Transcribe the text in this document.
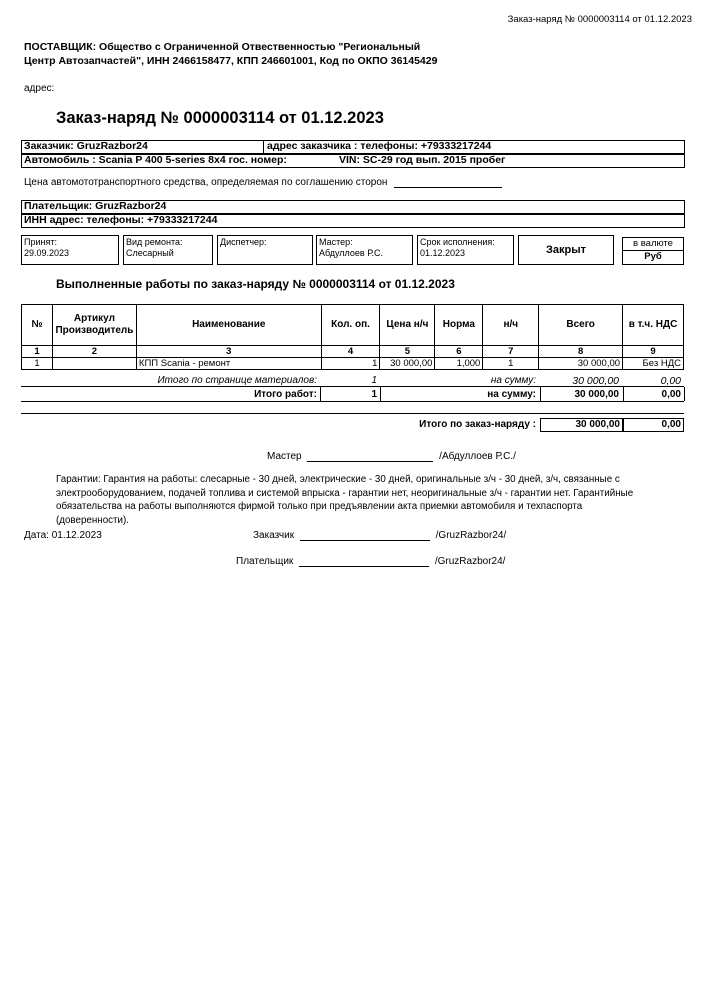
Заказ-наряд № 0000003114 от 01.12.2023
ПОСТАВЩИК: Общество с Ограниченной Отвественностью "Региональный Центр Автозапчастей", ИНН 2466158477, КПП 246601001, Код по ОКПО 36145429
адрес:
Заказ-наряд № 0000003114 от 01.12.2023
Заказчик: GruzRazbor24	адрес заказчика : телефоны: +79333217244
Автомобиль : Scania P 400 5-series 8x4 гос. номер:	VIN: SC-29 год вып. 2015 пробег
Цена автомототранспортного средства, определяемая по соглашению сторон
Плательщик: GruzRazbor24
ИНН адрес: телефоны: +79333217244
Принят:
29.09.2023
Вид ремонта:
Слесарный
Диспетчер:	Мастер:
Абдуллоев Р.С.
Срок исполнения:
01.12.2023	Закрыт
в валюте
Руб
Выполненные работы по заказ-наряду № 0000003114 от 01.12.2023
№	Артикул Производитель	Наименование	Кол. оп.	Цена н/ч	Норма	н/ч	Всего	в т.ч. НДС
1	2	3	4	5	6	7	8	9
1		КПП Scania - ремонт	1	30 000,00	1,000	1	30 000,00	Без НДС
Итого по странице материалов:	1	на сумму:	30 000,00	0,00
Итого работ:	1	на сумму:	30 000,00	0,00
Итого по заказ-наряду :	30 000,00	0,00
Мастер	/Абдуллоев Р.С./
Гарантии: Гарантия на работы: слесарные - 30 дней, электрические - 30 дней, оригинальные з/ч - 30 дней, з/ч, связанные с электрооборудованием, подачей топлива и системой впрыска - гарантии нет, неоригинальные з/ч - гарантии нет. Гарантийные обязательства на работы выполняются фирмой только при предъявлении акта приемки автомобиля и техпаспорта (доверенности).
Дата: 01.12.2023	Заказчик	/GruzRazbor24/
Плательщик	/GruzRazbor24/
